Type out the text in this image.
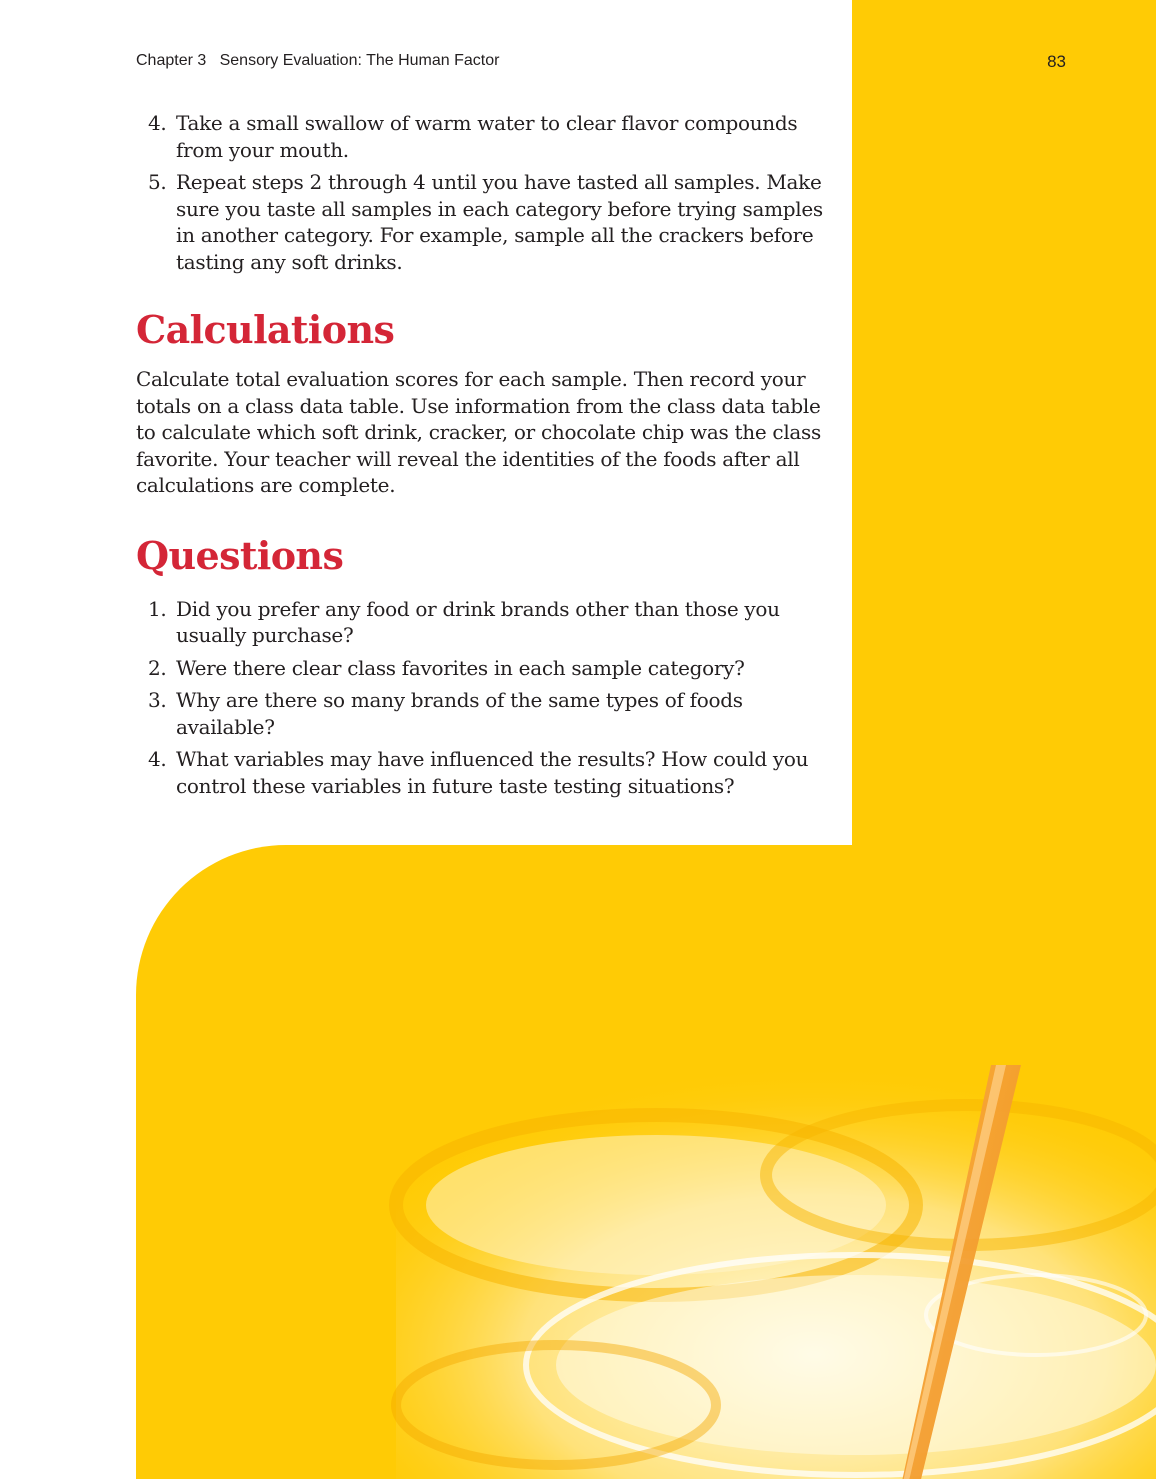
Chapter 3 Sensory Evaluation: The Human Factor	83
4. Take a small swallow of warm water to clear flavor compounds from your mouth.
5. Repeat steps 2 through 4 until you have tasted all samples. Make sure you taste all samples in each category before trying samples in another category. For example, sample all the crackers before tasting any soft drinks.
Calculations

Calculate total evaluation scores for each sample. Then record your totals on a class data table. Use information from the class data table to calculate which soft drink, cracker, or chocolate chip was the class favorite. Your teacher will reveal the identities of the foods after all calculations are complete.

Questions
1. Did you prefer any food or drink brands other than those you usually purchase?
2. Were there clear class favorites in each sample category?
3. Why are there so many brands of the same types of foods available?
4. What variables may have influenced the results? How could you control these variables in future taste testing situations?
